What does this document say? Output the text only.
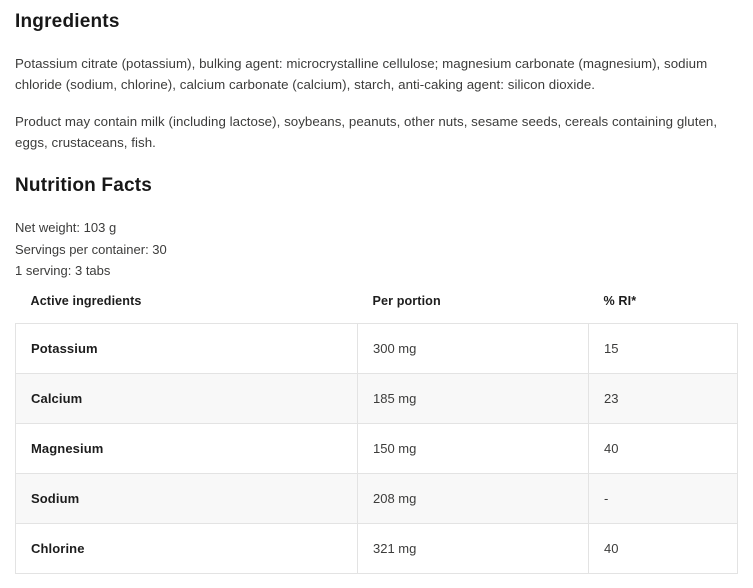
Ingredients

Potassium citrate (potassium), bulking agent: microcrystalline cellulose; magnesium carbonate (magnesium), sodium chloride (sodium, chlorine), calcium carbonate (calcium), starch, anti-caking agent: silicon dioxide.

Product may contain milk (including lactose), soybeans, peanuts, other nuts, sesame seeds, cereals containing gluten, eggs, crustaceans, fish.

Nutrition Facts
Net weight: 103 g
Servings per container: 30
1 serving: 3 tabs
Active ingredients	Per portion	% RI*
Potassium	300 mg	15
Calcium	185 mg	23
Magnesium	150 mg	40
Sodium	208 mg	-
Chlorine	321 mg	40
